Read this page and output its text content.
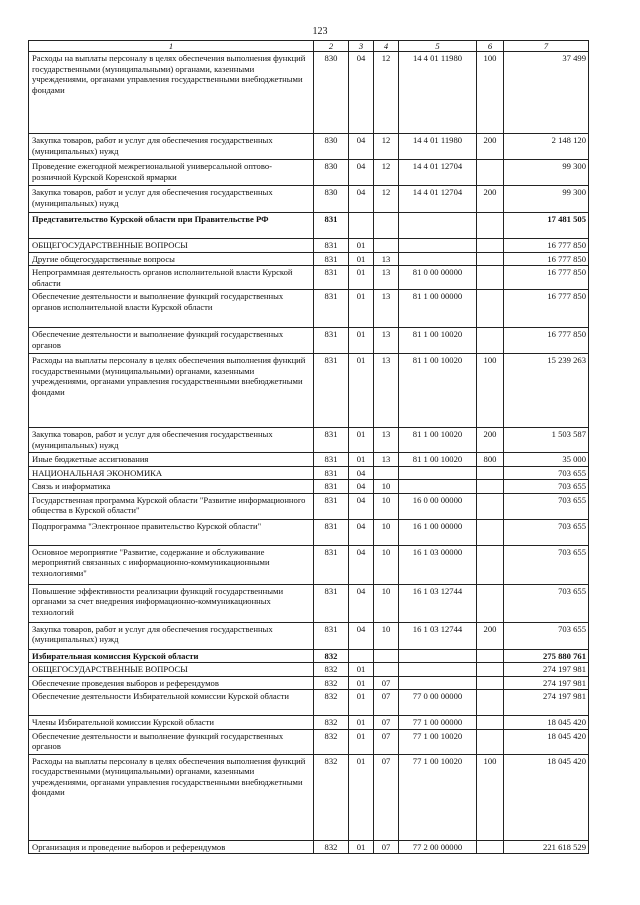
123
1	2	3	4	5	6	7
Расходы на выплаты персоналу в целях обеспечения выполнения функций государственными (муниципальными) органами, казенными учреждениями, органами управления государственными внебюджетными фондами	830	04	12	14 4 01 11980	100	37 499
Закупка товаров, работ и услуг для обеспечения государственных (муниципальных) нужд	830	04	12	14 4 01 11980	200	2 148 120
Проведение ежегодной межрегиональной универсальной оптово-розничной Курской Коренской ярмарки	830	04	12	14 4 01 12704		99 300
Закупка товаров, работ и услуг для обеспечения государственных (муниципальных) нужд	830	04	12	14 4 01 12704	200	99 300
Представительство Курской области при Правительстве РФ	831					17 481 505
ОБЩЕГОСУДАРСТВЕННЫЕ ВОПРОСЫ	831	01				16 777 850
Другие общегосударственные вопросы	831	01	13			16 777 850
Непрограммная деятельность органов исполнительной власти Курской области	831	01	13	81 0 00 00000		16 777 850
Обеспечение деятельности и выполнение функций государственных органов исполнительной власти Курской области	831	01	13	81 1 00 00000		16 777 850
Обеспечение деятельности и выполнение функций государственных органов	831	01	13	81 1 00 10020		16 777 850
Расходы на выплаты персоналу в целях обеспечения выполнения функций государственными (муниципальными) органами, казенными учреждениями, органами управления государственными внебюджетными фондами	831	01	13	81 1 00 10020	100	15 239 263
Закупка товаров, работ и услуг для обеспечения государственных (муниципальных) нужд	831	01	13	81 1 00 10020	200	1 503 587
Иные бюджетные ассигнования	831	01	13	81 1 00 10020	800	35 000
НАЦИОНАЛЬНАЯ ЭКОНОМИКА	831	04				703 655
Связь и информатика	831	04	10			703 655
Государственная программа Курской области "Развитие информационного общества в Курской области"	831	04	10	16 0 00 00000		703 655
Подпрограмма "Электронное правительство Курской области"	831	04	10	16 1 00 00000		703 655
Основное мероприятие "Развитие, содержание и обслуживание мероприятий связанных с информационно-коммуникационными технологиями"	831	04	10	16 1 03 00000		703 655
Повышение эффективности реализации функций государственными органами за счет внедрения информационно-коммуникационных технологий	831	04	10	16 1 03 12744		703 655
Закупка товаров, работ и услуг для обеспечения государственных (муниципальных) нужд	831	04	10	16 1 03 12744	200	703 655
Избирательная комиссия Курской области	832					275 880 761
ОБЩЕГОСУДАРСТВЕННЫЕ ВОПРОСЫ	832	01				274 197 981
Обеспечение проведения выборов и референдумов	832	01	07			274 197 981
Обеспечение деятельности Избирательной комиссии Курской области	832	01	07	77 0 00 00000		274 197 981
Члены Избирательной комиссии Курской области	832	01	07	77 1 00 00000		18 045 420
Обеспечение деятельности и выполнение функций государственных органов	832	01	07	77 1 00 10020		18 045 420
Расходы на выплаты персоналу в целях обеспечения выполнения функций государственными (муниципальными) органами, казенными учреждениями, органами управления государственными внебюджетными фондами	832	01	07	77 1 00 10020	100	18 045 420
Организация и проведение выборов и референдумов	832	01	07	77 2 00 00000		221 618 529
